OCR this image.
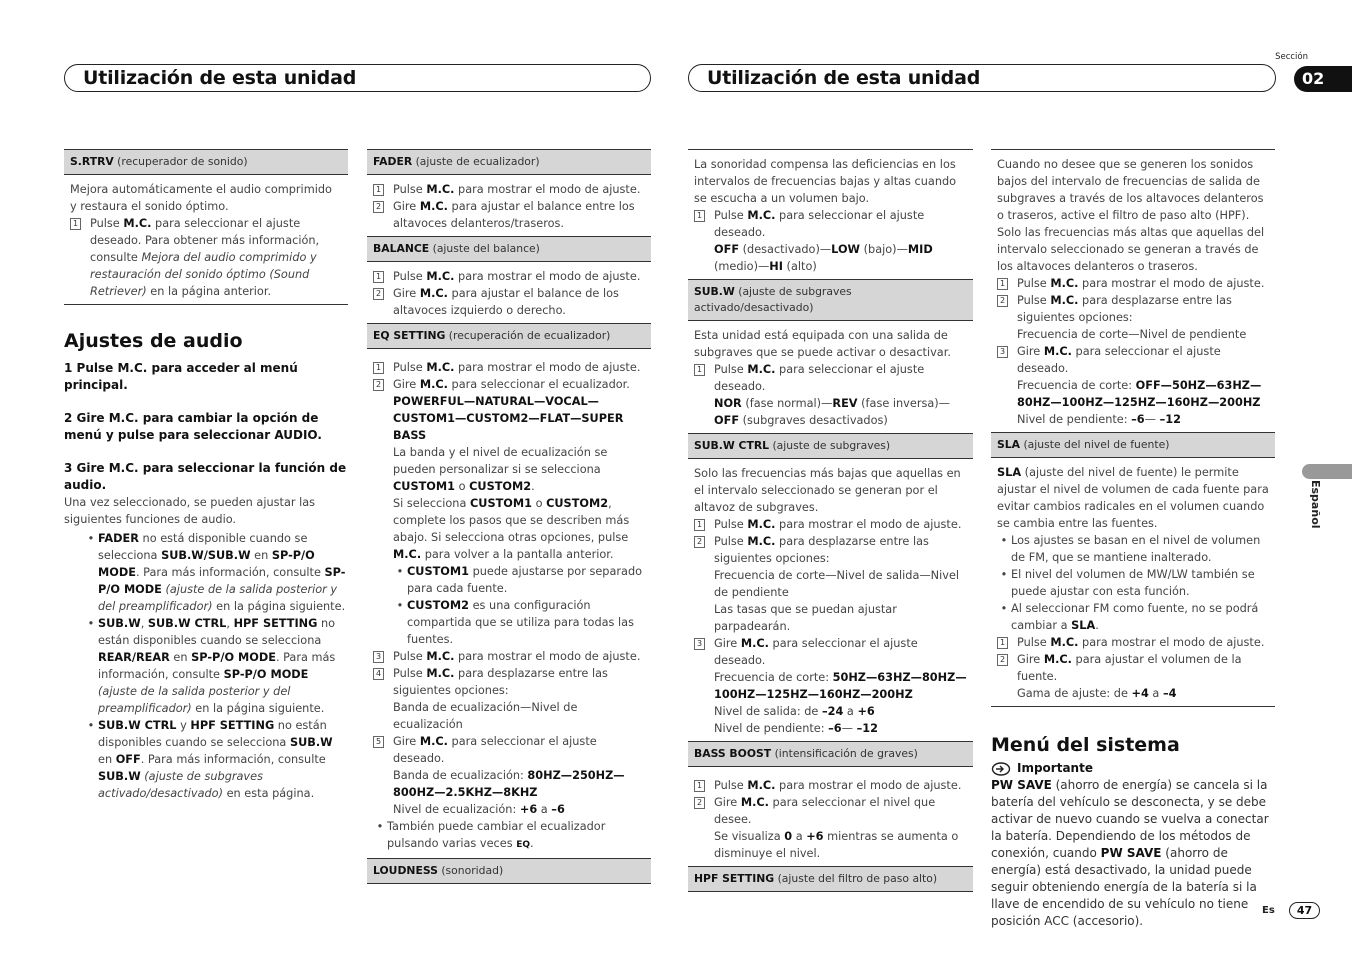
Utilización de esta unidad	Utilización de esta unidad
Sección
02
Español
S.RTRV (recuperador de sonido)

Mejora automáticamente el audio comprimido y restaura el sonido óptimo.

1 Pulse M.C. para seleccionar el ajuste deseado. Para obtener más información, consulte Mejora del audio comprimido y restauración del sonido óptimo (Sound Retriever) en la página anterior.

Ajustes de audio

1 Pulse M.C. para acceder al menú principal.

2 Gire M.C. para cambiar la opción de menú y pulse para seleccionar AUDIO.

3 Gire M.C. para seleccionar la función de audio.

Una vez seleccionado, se pueden ajustar las siguientes funciones de audio.

• FADER no está disponible cuando se selecciona SUB.W/SUB.W en SP-P/O MODE. Para más información, consulte SP-P/O MODE (ajuste de la salida posterior y del preamplificador) en la página siguiente.

• SUB.W, SUB.W CTRL, HPF SETTING no están disponibles cuando se selecciona REAR/REAR en SP-P/O MODE. Para más información, consulte SP-P/O MODE (ajuste de la salida posterior y del preamplificador) en la página siguiente.

• SUB.W CTRL y HPF SETTING no están disponibles cuando se selecciona SUB.W en OFF. Para más información, consulte SUB.W (ajuste de subgraves activado/desactivado) en esta página.

FADER (ajuste de ecualizador)
1 Pulse M.C. para mostrar el modo de ajuste.

2 Gire M.C. para ajustar el balance entre los altavoces delanteros/traseros.

BALANCE (ajuste del balance)
1 Pulse M.C. para mostrar el modo de ajuste.

2 Gire M.C. para ajustar el balance de los altavoces izquierdo o derecho.

EQ SETTING (recuperación de ecualizador)
1 Pulse M.C. para mostrar el modo de ajuste.

2 Gire M.C. para seleccionar el ecualizador.

POWERFUL—NATURAL—VOCAL—CUSTOM1—CUSTOM2—FLAT—SUPER BASS

La banda y el nivel de ecualización se pueden personalizar si se selecciona CUSTOM1 o CUSTOM2.

Si selecciona CUSTOM1 o CUSTOM2, complete los pasos que se describen más abajo. Si selecciona otras opciones, pulse M.C. para volver a la pantalla anterior.

• CUSTOM1 puede ajustarse por separado para cada fuente.

• CUSTOM2 es una configuración compartida que se utiliza para todas las fuentes.

3 Pulse M.C. para mostrar el modo de ajuste.

4 Pulse M.C. para desplazarse entre las siguientes opciones:
Banda de ecualización—Nivel de ecualización

5 Gire M.C. para seleccionar el ajuste deseado.
Banda de ecualización: 80HZ—250HZ—800HZ—2.5KHZ—8KHZ
Nivel de ecualización: +6 a –6

• También puede cambiar el ecualizador pulsando varias veces EQ.

LOUDNESS (sonoridad)

La sonoridad compensa las deficiencias en los intervalos de frecuencias bajas y altas cuando se escucha a un volumen bajo.

1 Pulse M.C. para seleccionar el ajuste deseado.
OFF (desactivado)—LOW (bajo)—MID (medio)—HI (alto)

SUB.W (ajuste de subgraves activado/desactivado)

Esta unidad está equipada con una salida de subgraves que se puede activar o desactivar.

1 Pulse M.C. para seleccionar el ajuste deseado.
NOR (fase normal)—REV (fase inversa)—OFF (subgraves desactivados)

SUB.W CTRL (ajuste de subgraves)

Solo las frecuencias más bajas que aquellas en el intervalo seleccionado se generan por el altavoz de subgraves.

1 Pulse M.C. para mostrar el modo de ajuste.

2 Pulse M.C. para desplazarse entre las siguientes opciones:
Frecuencia de corte—Nivel de salida—Nivel de pendiente
Las tasas que se puedan ajustar parpadearán.

3 Gire M.C. para seleccionar el ajuste deseado.
Frecuencia de corte: 50HZ—63HZ—80HZ—100HZ—125HZ—160HZ—200HZ
Nivel de salida: de –24 a +6
Nivel de pendiente: –6— –12

BASS BOOST (intensificación de graves)
1 Pulse M.C. para mostrar el modo de ajuste.

2 Gire M.C. para seleccionar el nivel que desee.
Se visualiza 0 a +6 mientras se aumenta o disminuye el nivel.

HPF SETTING (ajuste del filtro de paso alto)

Cuando no desee que se generen los sonidos bajos del intervalo de frecuencias de salida de subgraves a través de los altavoces delanteros o traseros, active el filtro de paso alto (HPF). Solo las frecuencias más altas que aquellas del intervalo seleccionado se generan a través de los altavoces delanteros o traseros.

1 Pulse M.C. para mostrar el modo de ajuste.

2 Pulse M.C. para desplazarse entre las siguientes opciones:
Frecuencia de corte—Nivel de pendiente

3 Gire M.C. para seleccionar el ajuste deseado.
Frecuencia de corte: OFF—50HZ—63HZ—80HZ—100HZ—125HZ—160HZ—200HZ
Nivel de pendiente: –6— –12

SLA (ajuste del nivel de fuente)

SLA (ajuste del nivel de fuente) le permite ajustar el nivel de volumen de cada fuente para evitar cambios radicales en el volumen cuando se cambia entre las fuentes.

• Los ajustes se basan en el nivel de volumen de FM, que se mantiene inalterado.

• El nivel del volumen de MW/LW también se puede ajustar con esta función.

• Al seleccionar FM como fuente, no se podrá cambiar a SLA.

1 Pulse M.C. para mostrar el modo de ajuste.

2 Gire M.C. para ajustar el volumen de la fuente.
Gama de ajuste: de +4 a –4

Menú del sistema

Importante

PW SAVE (ahorro de energía) se cancela si la batería del vehículo se desconecta, y se debe activar de nuevo cuando se vuelva a conectar la batería. Dependiendo de los métodos de conexión, cuando PW SAVE (ahorro de energía) está desactivado, la unidad puede seguir obteniendo energía de la batería si la llave de encendido de su vehículo no tiene posición ACC (accesorio).

Es	47
